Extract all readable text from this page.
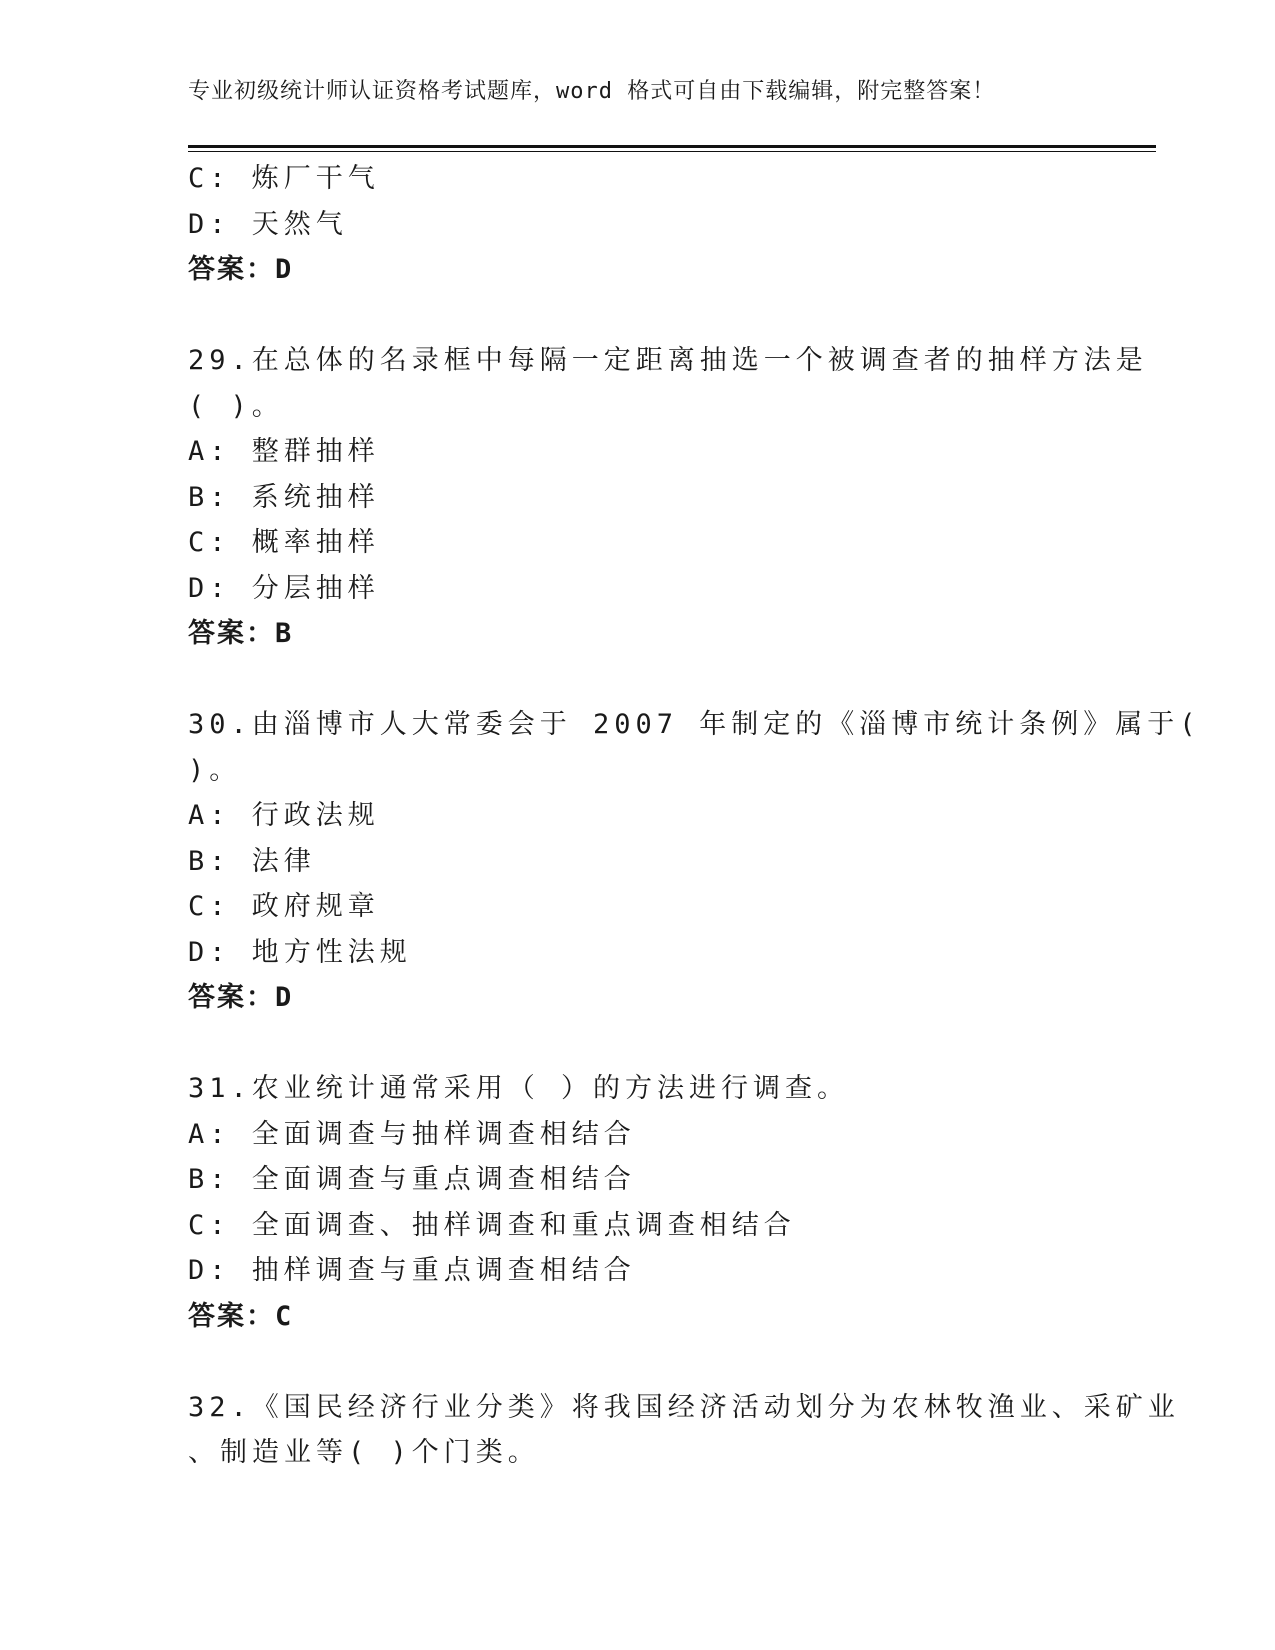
专业初级统计师认证资格考试题库，word 格式可自由下载编辑，附完整答案！
C: 炼厂干气
D: 天然气
答案：D
29.在总体的名录框中每隔一定距离抽选一个被调查者的抽样方法是
( )。
A: 整群抽样
B: 系统抽样
C: 概率抽样
D: 分层抽样
答案：B
30.由淄博市人大常委会于 2007 年制定的《淄博市统计条例》属于(
)。
A: 行政法规
B: 法律
C: 政府规章
D: 地方性法规
答案：D
31.农业统计通常采用（ ）的方法进行调查。
A: 全面调查与抽样调查相结合
B: 全面调查与重点调查相结合
C: 全面调查、抽样调查和重点调查相结合
D: 抽样调查与重点调查相结合
答案：C
32.《国民经济行业分类》将我国经济活动划分为农林牧渔业、采矿业
、制造业等( )个门类。
